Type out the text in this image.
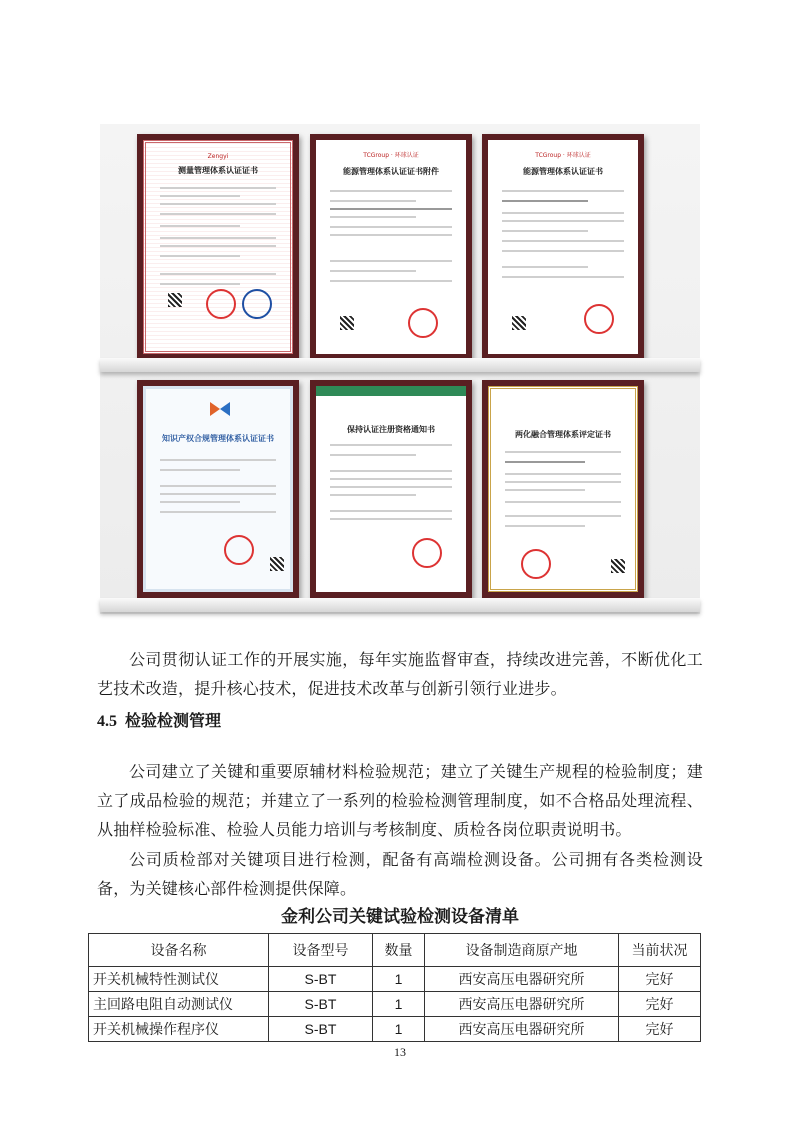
Zengyi
测量管理体系认证证书
TCGroup · 环球认证
能源管理体系认证证书附件
TCGroup · 环球认证
能源管理体系认证证书
知识产权合规管理体系认证证书
保持认证注册资格通知书
两化融合管理体系评定证书

公司贯彻认证工作的开展实施，每年实施监督审查，持续改进完善，不断优化工艺技术改造，提升核心技术，促进技术改革与创新引领行业进步。

4.5 检验检测管理

公司建立了关键和重要原辅材料检验规范；建立了关键生产规程的检验制度；建立了成品检验的规范；并建立了一系列的检验检测管理制度，如不合格品处理流程、从抽样检验标准、检验人员能力培训与考核制度、质检各岗位职责说明书。

公司质检部对关键项目进行检测，配备有高端检测设备。公司拥有各类检测设备，为关键核心部件检测提供保障。

金利公司关键试验检测设备清单
设备名称	设备型号	数量	设备制造商原产地	当前状况
开关机械特性测试仪	S-BT	1	西安高压电器研究所	完好
主回路电阻自动测试仪	S-BT	1	西安高压电器研究所	完好
开关机械操作程序仪	S-BT	1	西安高压电器研究所	完好
13
